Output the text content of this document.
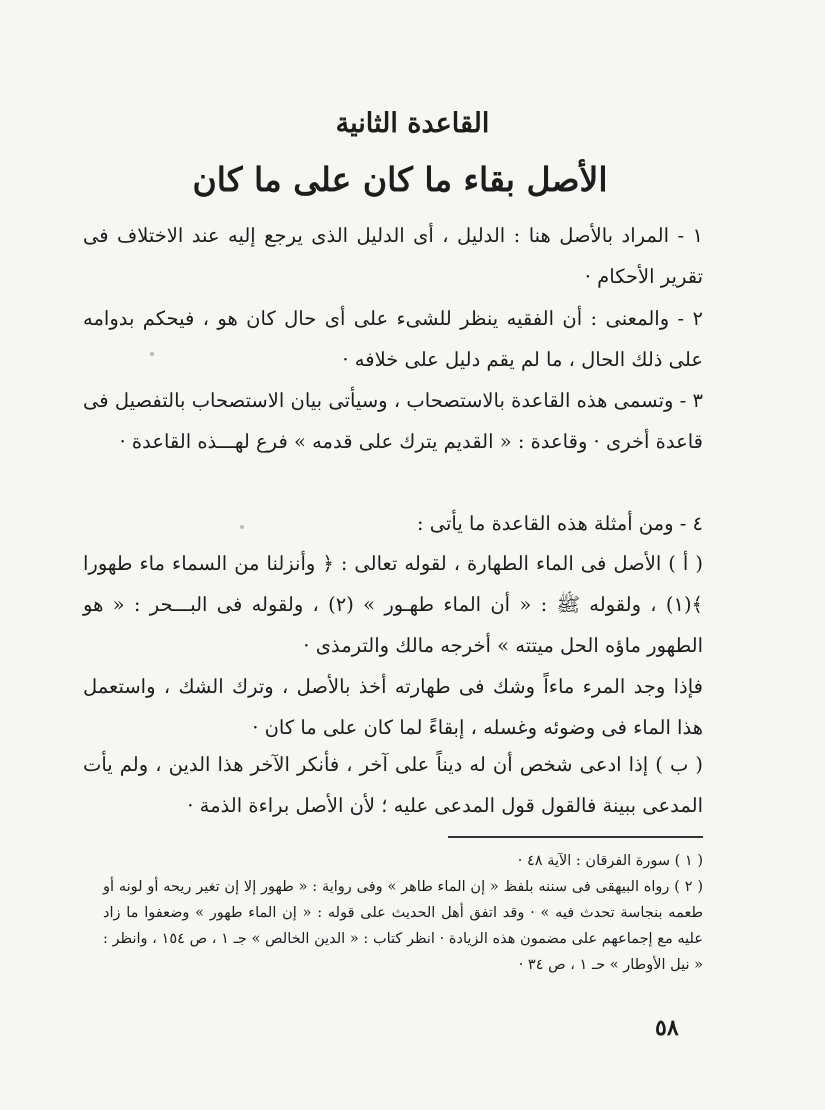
القاعدة الثانية
الأصل بقاء ما كان على ما كان

١ - المراد بالأصل هنا : الدليل ، أى الدليل الذى يرجع إليه عند الاختلاف فى تقرير الأحكام ·

٢ - والمعنى : أن الفقيه ينظر للشىء على أى حال كان هو ، فيحكم بدوامه على ذلك الحال ، ما لم يقم دليل على خلافه ·

٣ - وتسمى هذه القاعدة بالاستصحاب ، وسيأتى بيان الاستصحاب بالتفصيل فى قاعدة أخرى · وقاعدة : « القديم يترك على قدمه » فرع لهـــذه القاعدة ·

٤ - ومن أمثلة هذه القاعدة ما يأتى :

( أ ) الأصل فى الماء الطهارة ، لقوله تعالى : ﴿ وأنزلنا من السماء ماء طهورا ﴾(١) ، ولقوله ﷺ : « أن الماء طهـور » (٢) ، ولقوله فى البـــحر : « هو الطهور ماؤه الحل ميتته » أخرجه مالك والترمذى ·

فإذا وجد المرء ماءاً وشك فى طهارته أخذ بالأصل ، وترك الشك ، واستعمل هذا الماء فى وضوئه وغسله ، إبقاءً لما كان على ما كان ·

( ب ) إذا ادعى شخص أن له ديناً على آخر ، فأنكر الآخر هذا الدين ، ولم يأت المدعى ببينة فالقول قول المدعى عليه ؛ لأن الأصل براءة الذمة ·

( ١ ) سورة الفرقان : الآية ٤٨ ·

( ٢ ) رواه البيهقى فى سننه بلفظ « إن الماء طاهر » وفى رواية : « طهور إلا إن تغير ريحه أو لونه أو طعمه بنجاسة تحدث فيه » · وقد اتفق أهل الحديث على قوله : « إن الماء طهور » وضعفوا ما زاد عليه مع إجماعهم على مضمون هذه الزيادة · انظر كتاب : « الدين الخالص » جـ ١ ، ص ١٥٤ ، وانظر : « نيل الأوطار » حـ ١ ، ص ٣٤ ·

٥٨
